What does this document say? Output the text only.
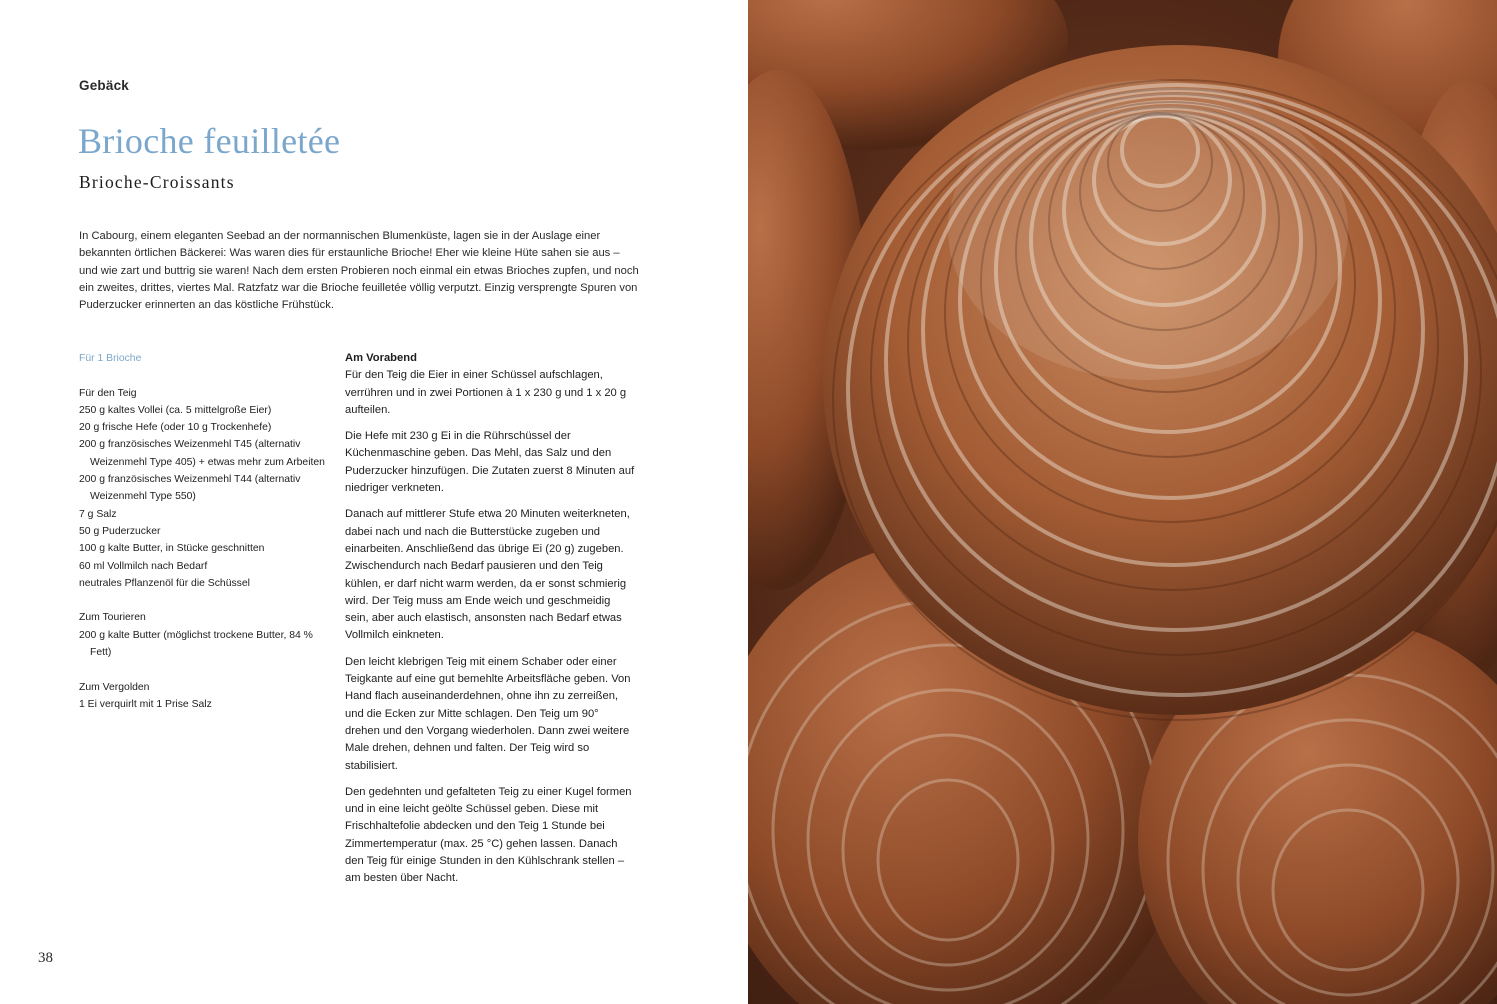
Gebäck
Brioche feuilletée
Brioche-Croissants

In Cabourg, einem eleganten Seebad an der normannischen Blumenküste, lagen sie in der Auslage einer bekannten örtlichen Bäckerei: Was waren dies für erstaunliche Brioche! Eher wie kleine Hüte sahen sie aus – und wie zart und buttrig sie waren! Nach dem ersten Probieren noch einmal ein etwas Brioches zupfen, und noch ein zweites, drittes, viertes Mal. Ratzfatz war die Brioche feuilletée völlig verputzt. Einzig versprengte Spuren von Puderzucker erinnerten an das köstliche Frühstück.

Für 1 Brioche

Für den Teig

250 g kaltes Vollei (ca. 5 mittelgroße Eier)
20 g frische Hefe (oder 10 g Trockenhefe)
200 g französisches Weizenmehl T45 (alternativ Weizenmehl Type 405) + etwas mehr zum Arbeiten
200 g französisches Weizenmehl T44 (alternativ Weizenmehl Type 550)
7 g Salz
50 g Puderzucker
100 g kalte Butter, in Stücke geschnitten
60 ml Vollmilch nach Bedarf
neutrales Pflanzenöl für die Schüssel

Zum Tourieren

200 g kalte Butter (möglichst trockene Butter, 84 % Fett)

Zum Vergolden

1 Ei verquirlt mit 1 Prise Salz

Am Vorabend

Für den Teig die Eier in einer Schüssel aufschlagen, verrühren und in zwei Portionen à 1 x 230 g und 1 x 20 g aufteilen.

Die Hefe mit 230 g Ei in die Rührschüssel der Küchenmaschine geben. Das Mehl, das Salz und den Puderzucker hinzufügen. Die Zutaten zuerst 8 Minuten auf niedriger verkneten.

Danach auf mittlerer Stufe etwa 20 Minuten weiterkneten, dabei nach und nach die Butterstücke zugeben und einarbeiten. Anschließend das übrige Ei (20 g) zugeben. Zwischendurch nach Bedarf pausieren und den Teig kühlen, er darf nicht warm werden, da er sonst schmierig wird. Der Teig muss am Ende weich und geschmeidig sein, aber auch elastisch, ansonsten nach Bedarf etwas Vollmilch einkneten.

Den leicht klebrigen Teig mit einem Schaber oder einer Teigkante auf eine gut bemehlte Arbeitsfläche geben. Von Hand flach auseinanderdehnen, ohne ihn zu zerreißen, und die Ecken zur Mitte schlagen. Den Teig um 90° drehen und den Vorgang wiederholen. Dann zwei weitere Male drehen, dehnen und falten. Der Teig wird so stabilisiert.

Den gedehnten und gefalteten Teig zu einer Kugel formen und in eine leicht geölte Schüssel geben. Diese mit Frischhaltefolie abdecken und den Teig 1 Stunde bei Zimmertemperatur (max. 25 °C) gehen lassen. Danach den Teig für einige Stunden in den Kühlschrank stellen – am besten über Nacht.

38
